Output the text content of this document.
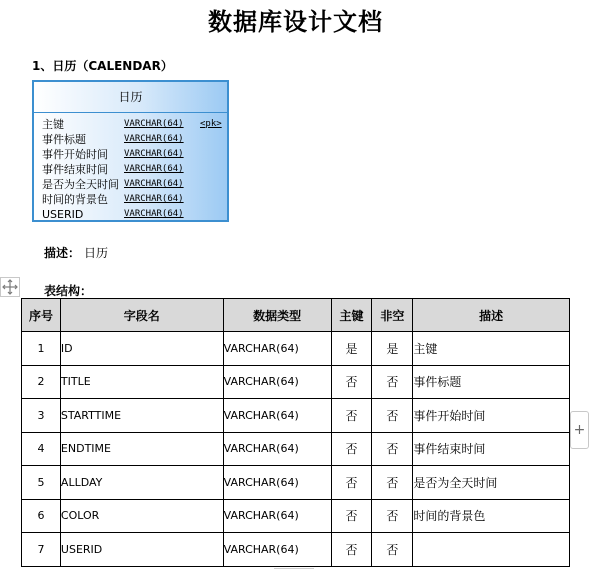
数据库设计文档
1、日历（CALENDAR）
日历
主键	VARCHAR(64)	<pk>
事件标题	VARCHAR(64)
事件开始时间	VARCHAR(64)
事件结束时间	VARCHAR(64)
是否为全天时间 VARCHAR(64)
时间的背景色	VARCHAR(64)
USERID	VARCHAR(64)
描述： 日历
表结构：
序号	字段名	数据类型	主键	非空	描述
1	ID	VARCHAR(64)	是	是	主键
2	TITLE	VARCHAR(64)	否	否	事件标题
3	STARTTIME	VARCHAR(64)	否	否	事件开始时间
4	ENDTIME	VARCHAR(64)	否	否	事件结束时间
5	ALLDAY	VARCHAR(64)	否	否	是否为全天时间
6	COLOR	VARCHAR(64)	否	否	时间的背景色
7	USERID	VARCHAR(64)	否	否	
+
